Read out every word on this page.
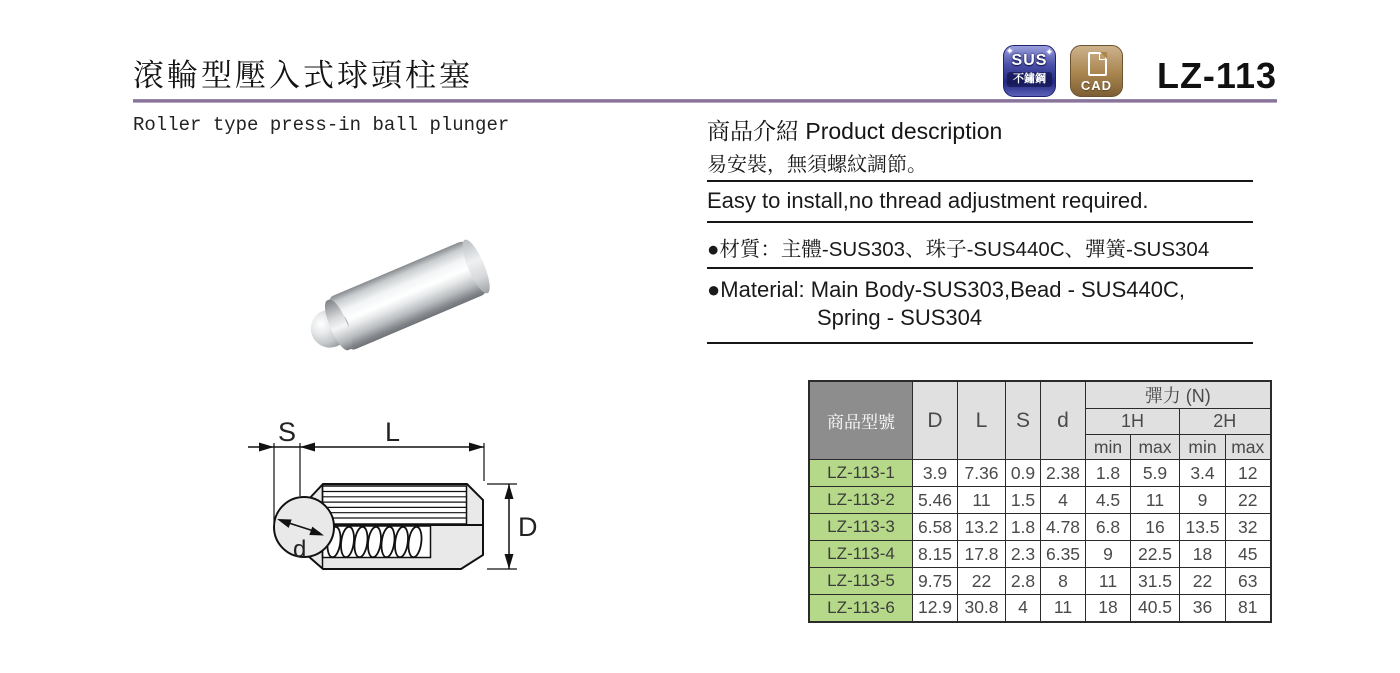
滾輪型壓入式球頭柱塞
Roller type press-in ball plunger
✦	✦
SUS
不鏽鋼	CAD	LZ-113
商品介紹 Product description
易安裝，無須螺紋調節。
Easy to install,no thread adjustment required.
●材質：主體-SUS303、珠子-SUS440C、彈簧-SUS304
●Material: Main Body-SUS303,Bead - SUS440C,
Spring - SUS304
S	L
D
d
商品型號	D	L	S	d	彈力 (N)			
					1H		2H	
					min	max	min	max
LZ-113-1	3.9	7.36	0.9	2.38	1.8	5.9	3.4	12
LZ-113-2	5.46	11	1.5	4	4.5	11	9	22
LZ-113-3	6.58	13.2	1.8	4.78	6.8	16	13.5	32
LZ-113-4	8.15	17.8	2.3	6.35	9	22.5	18	45
LZ-113-5	9.75	22	2.8	8	11	31.5	22	63
LZ-113-6	12.9	30.8	4	11	18	40.5	36	81
